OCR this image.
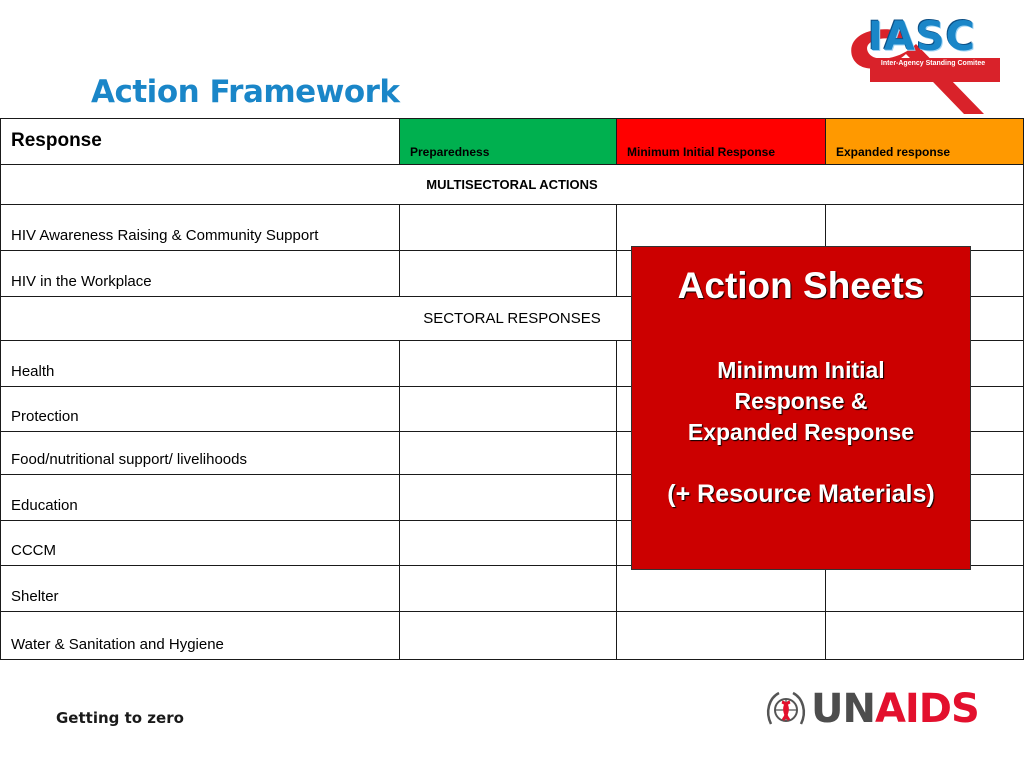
Action Framework
IASC
Inter-Agency Standing Comitee
Response	Preparedness	Minimum Initial Response	Expanded response
MULTISECTORAL ACTIONS			
HIV Awareness Raising & Community Support			
HIV in the Workplace			
SECTORAL RESPONSES			
Health			
Protection			
Food/nutritional support/ livelihoods			
Education			
CCCM			
Shelter			
Water & Sanitation and Hygiene			
Action Sheets
Minimum Initial
Response &
Expanded Response
(+ Resource Materials)
Getting to zero	UNAIDS
